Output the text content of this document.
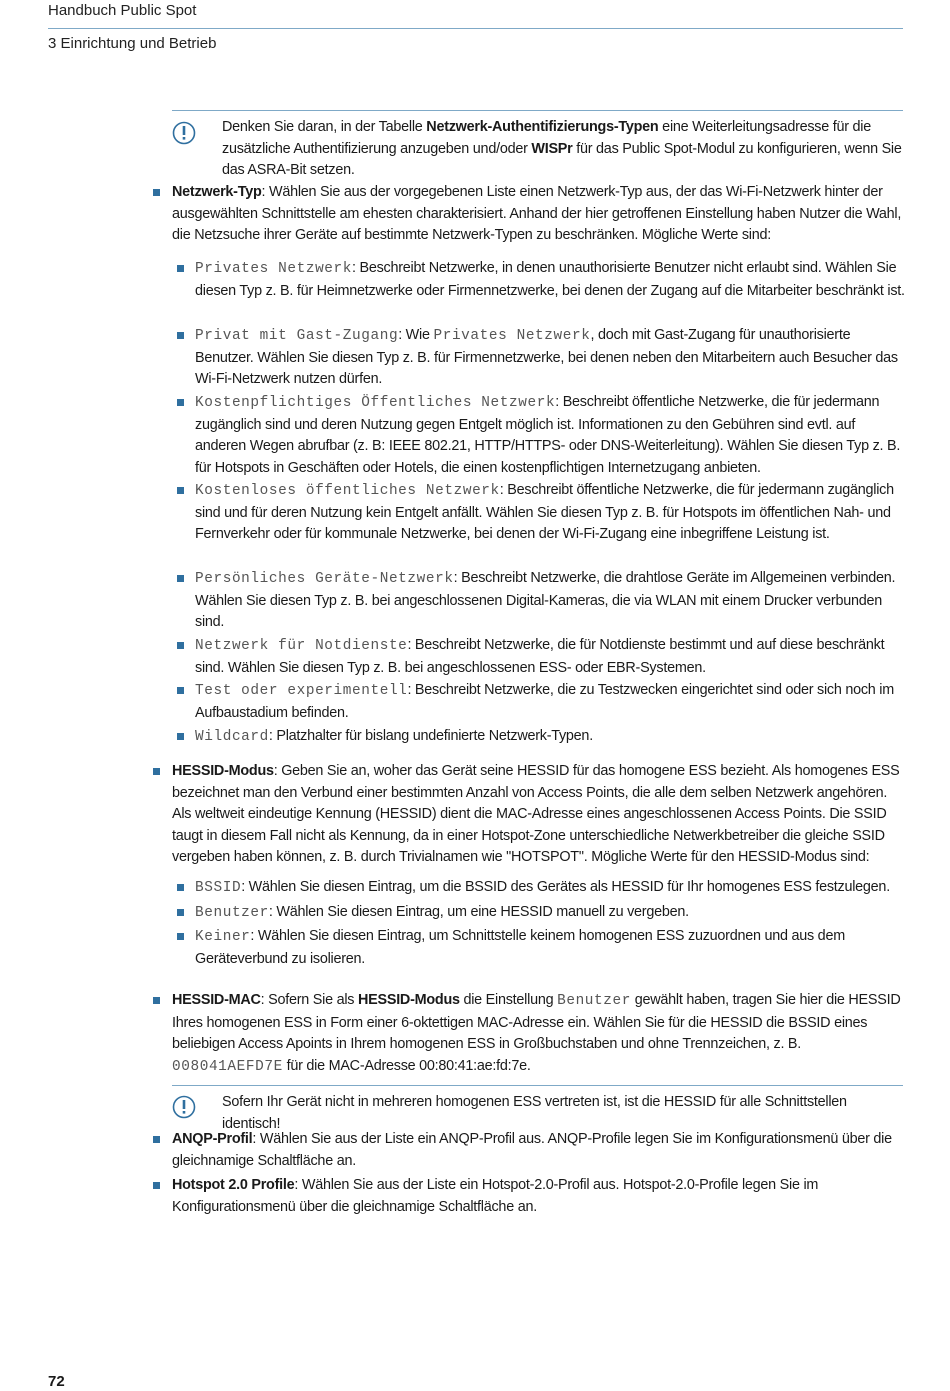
Handbuch Public Spot
3 Einrichtung und Betrieb
Denken Sie daran, in der Tabelle Netzwerk-Authentifizierungs-Typen eine Weiterleitungsadresse für die zusätzliche Authentifizierung anzugeben und/oder WISPr für das Public Spot-Modul zu konfigurieren, wenn Sie das ASRA-Bit setzen.
Netzwerk-Typ: Wählen Sie aus der vorgegebenen Liste einen Netzwerk-Typ aus, der das Wi-Fi-Netzwerk hinter der ausgewählten Schnittstelle am ehesten charakterisiert. Anhand der hier getroffenen Einstellung haben Nutzer die Wahl, die Netzsuche ihrer Geräte auf bestimmte Netzwerk-Typen zu beschränken. Mögliche Werte sind:
Privates Netzwerk: Beschreibt Netzwerke, in denen unauthorisierte Benutzer nicht erlaubt sind. Wählen Sie diesen Typ z. B. für Heimnetzwerke oder Firmennetzwerke, bei denen der Zugang auf die Mitarbeiter beschränkt ist.
Privat mit Gast-Zugang: Wie Privates Netzwerk, doch mit Gast-Zugang für unauthorisierte Benutzer. Wählen Sie diesen Typ z. B. für Firmennetzwerke, bei denen neben den Mitarbeitern auch Besucher das Wi-Fi-Netzwerk nutzen dürfen.
Kostenpflichtiges Öffentliches Netzwerk: Beschreibt öffentliche Netzwerke, die für jedermann zugänglich sind und deren Nutzung gegen Entgelt möglich ist. Informationen zu den Gebühren sind evtl. auf anderen Wegen abrufbar (z. B: IEEE 802.21, HTTP/HTTPS- oder DNS-Weiterleitung). Wählen Sie diesen Typ z. B. für Hotspots in Geschäften oder Hotels, die einen kostenpflichtigen Internetzugang anbieten.
Kostenloses öffentliches Netzwerk: Beschreibt öffentliche Netzwerke, die für jedermann zugänglich sind und für deren Nutzung kein Entgelt anfällt. Wählen Sie diesen Typ z. B. für Hotspots im öffentlichen Nah- und Fernverkehr oder für kommunale Netzwerke, bei denen der Wi-Fi-Zugang eine inbegriffene Leistung ist.
Persönliches Geräte-Netzwerk: Beschreibt Netzwerke, die drahtlose Geräte im Allgemeinen verbinden. Wählen Sie diesen Typ z. B. bei angeschlossenen Digital-Kameras, die via WLAN mit einem Drucker verbunden sind.
Netzwerk für Notdienste: Beschreibt Netzwerke, die für Notdienste bestimmt und auf diese beschränkt sind. Wählen Sie diesen Typ z. B. bei angeschlossenen ESS- oder EBR-Systemen.
Test oder experimentell: Beschreibt Netzwerke, die zu Testzwecken eingerichtet sind oder sich noch im Aufbaustadium befinden.
Wildcard: Platzhalter für bislang undefinierte Netzwerk-Typen.
HESSID-Modus: Geben Sie an, woher das Gerät seine HESSID für das homogene ESS bezieht. Als homogenes ESS bezeichnet man den Verbund einer bestimmten Anzahl von Access Points, die alle dem selben Netzwerk angehören. Als weltweit eindeutige Kennung (HESSID) dient die MAC-Adresse eines angeschlossenen Access Points. Die SSID taugt in diesem Fall nicht als Kennung, da in einer Hotspot-Zone unterschiedliche Netwerkbetreiber die gleiche SSID vergeben haben können, z. B. durch Trivialnamen wie "HOTSPOT". Mögliche Werte für den HESSID-Modus sind:
BSSID: Wählen Sie diesen Eintrag, um die BSSID des Gerätes als HESSID für Ihr homogenes ESS festzulegen.
Benutzer: Wählen Sie diesen Eintrag, um eine HESSID manuell zu vergeben.
Keiner: Wählen Sie diesen Eintrag, um Schnittstelle keinem homogenen ESS zuzuordnen und aus dem Geräteverbund zu isolieren.
HESSID-MAC: Sofern Sie als HESSID-Modus die Einstellung Benutzer gewählt haben, tragen Sie hier die HESSID Ihres homogenen ESS in Form einer 6-oktettigen MAC-Adresse ein. Wählen Sie für die HESSID die BSSID eines beliebigen Access Apoints in Ihrem homogenen ESS in Großbuchstaben und ohne Trennzeichen, z. B. 008041AEFD7E für die MAC-Adresse 00:80:41:ae:fd:7e.
Sofern Ihr Gerät nicht in mehreren homogenen ESS vertreten ist, ist die HESSID für alle Schnittstellen identisch!
ANQP-Profil: Wählen Sie aus der Liste ein ANQP-Profil aus. ANQP-Profile legen Sie im Konfigurationsmenü über die gleichnamige Schaltfläche an.
Hotspot 2.0 Profile: Wählen Sie aus der Liste ein Hotspot-2.0-Profil aus. Hotspot-2.0-Profile legen Sie im Konfigurationsmenü über die gleichnamige Schaltfläche an.
72
